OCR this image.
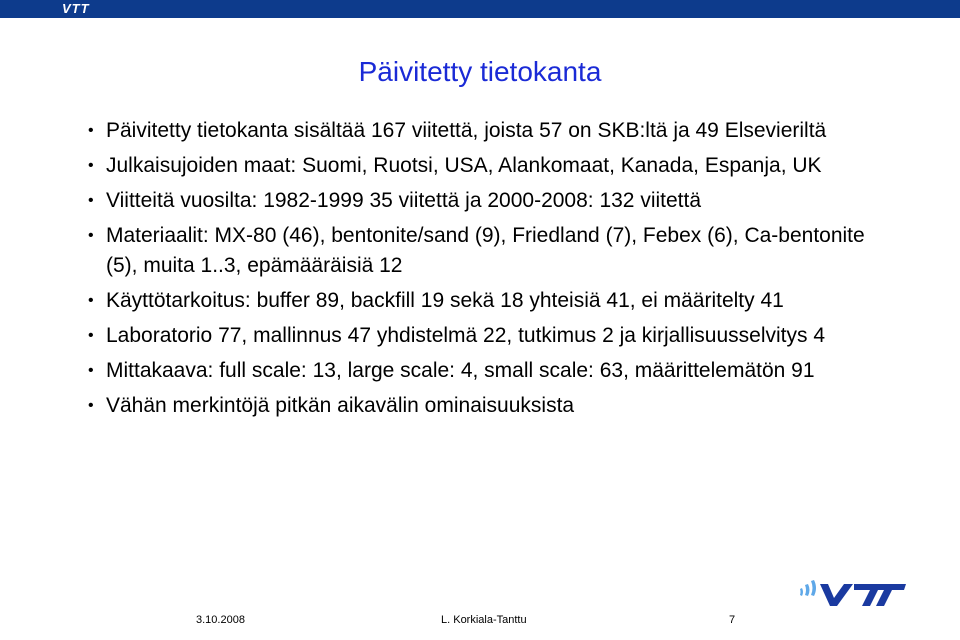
VTT
Päivitetty tietokanta
• Päivitetty tietokanta sisältää 167 viitettä, joista 57 on SKB:ltä ja 49 Elsevieriltä
• Julkaisujoiden maat: Suomi, Ruotsi, USA, Alankomaat, Kanada, Espanja, UK
• Viitteitä vuosilta: 1982-1999 35 viitettä ja 2000-2008: 132 viitettä
• Materiaalit: MX-80 (46), bentonite/sand (9), Friedland (7), Febex (6), Ca-bentonite (5), muita 1..3, epämääräisiä 12
• Käyttötarkoitus: buffer 89, backfill 19 sekä 18 yhteisiä 41, ei määritelty 41
• Laboratorio 77, mallinnus 47 yhdistelmä 22, tutkimus 2 ja kirjallisuusselvitys 4
• Mittakaava: full scale: 13, large scale: 4, small scale: 63, määrittelemätön 91
• Vähän merkintöjä pitkän aikavälin ominaisuuksista
3.10.2008	L. Korkiala-Tanttu	7
